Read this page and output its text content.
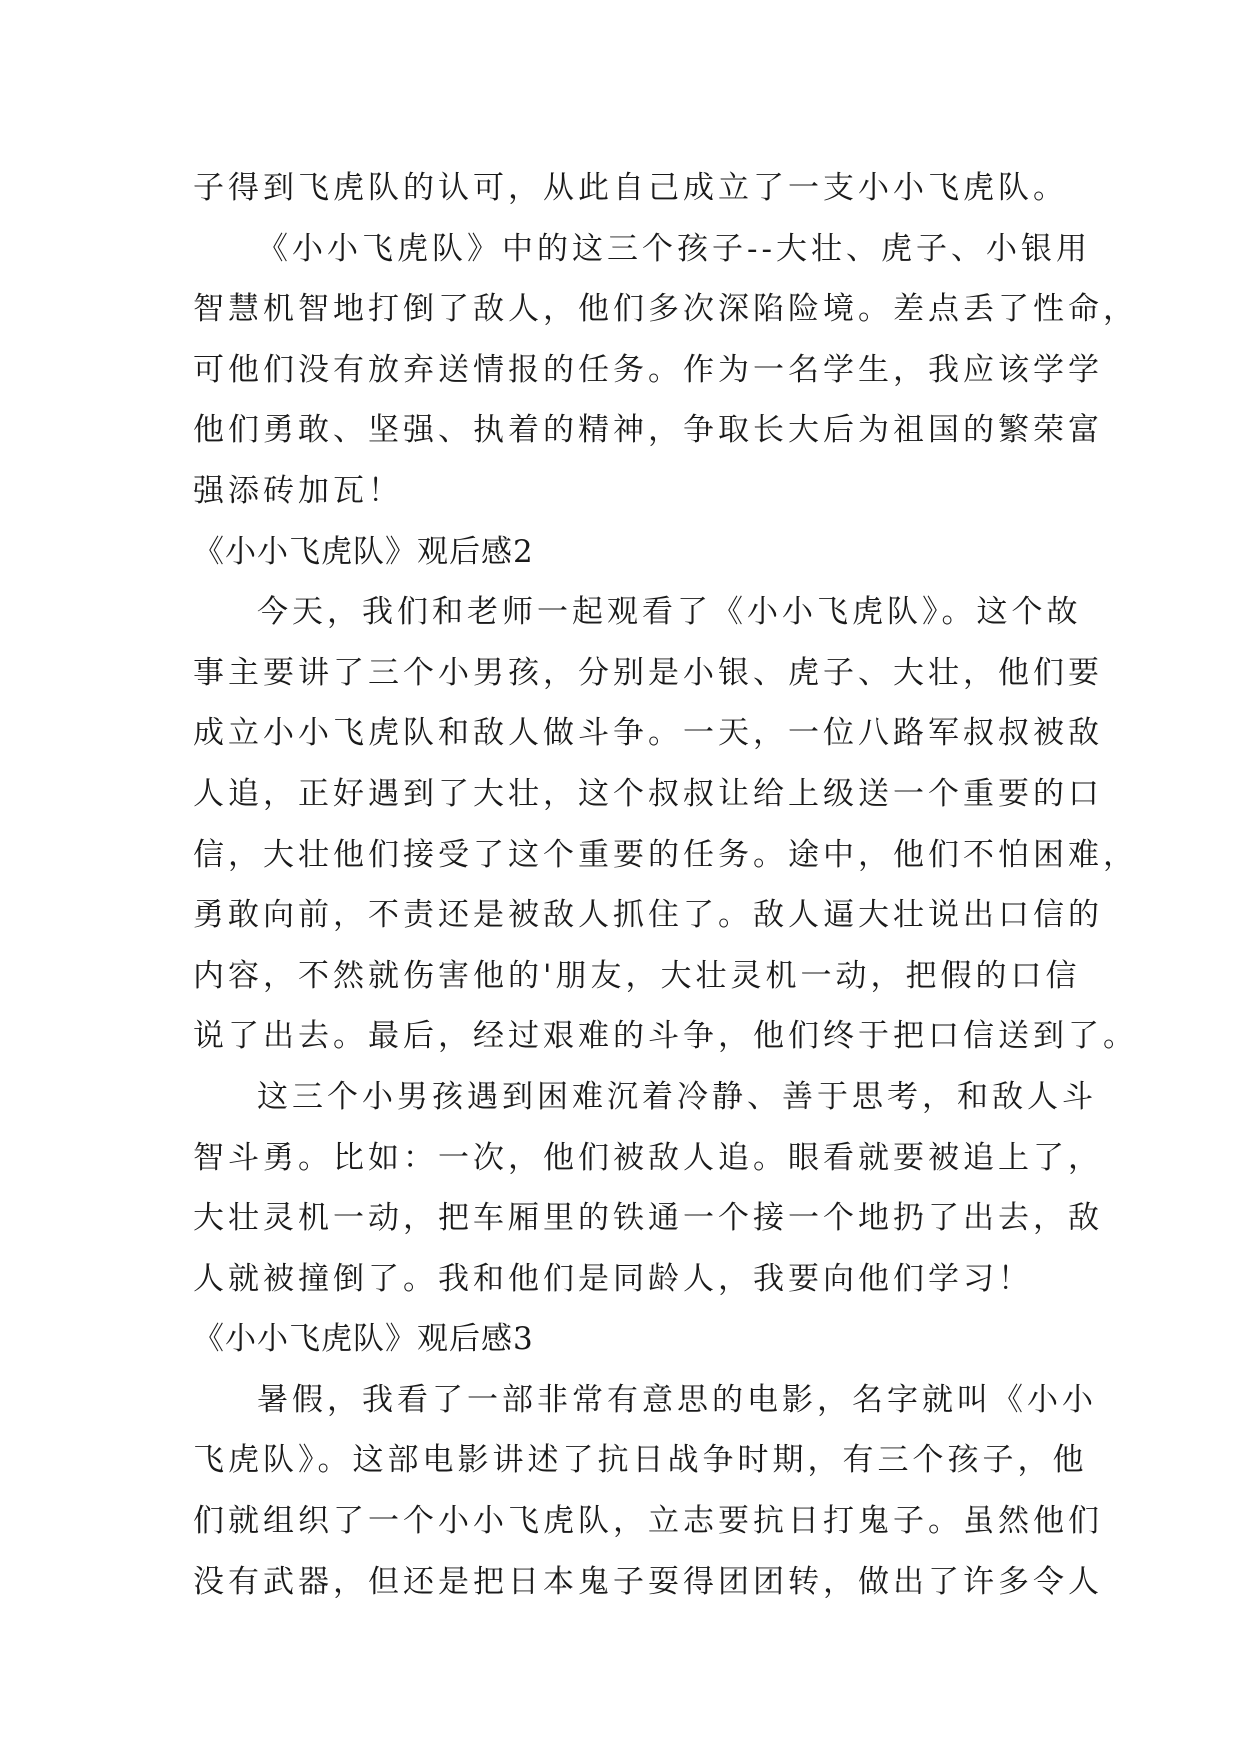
子得到飞虎队的认可，从此自己成立了一支小小飞虎队。
《小小飞虎队》中的这三个孩子--大壮、虎子、小银用
智慧机智地打倒了敌人，他们多次深陷险境。差点丢了性命，
可他们没有放弃送情报的任务。作为一名学生，我应该学学
他们勇敢、坚强、执着的精神，争取长大后为祖国的繁荣富
强添砖加瓦！
《小小飞虎队》观后感2
今天，我们和老师一起观看了《小小飞虎队》。这个故
事主要讲了三个小男孩，分别是小银、虎子、大壮，他们要
成立小小飞虎队和敌人做斗争。一天，一位八路军叔叔被敌
人追，正好遇到了大壮，这个叔叔让给上级送一个重要的口
信，大壮他们接受了这个重要的任务。途中，他们不怕困难，
勇敢向前，不责还是被敌人抓住了。敌人逼大壮说出口信的
内容，不然就伤害他的'朋友，大壮灵机一动，把假的口信
说了出去。最后，经过艰难的斗争，他们终于把口信送到了。
这三个小男孩遇到困难沉着冷静、善于思考，和敌人斗
智斗勇。比如：一次，他们被敌人追。眼看就要被追上了，
大壮灵机一动，把车厢里的铁通一个接一个地扔了出去，敌
人就被撞倒了。我和他们是同龄人，我要向他们学习！
《小小飞虎队》观后感3
暑假，我看了一部非常有意思的电影，名字就叫《小小
飞虎队》。这部电影讲述了抗日战争时期，有三个孩子，他
们就组织了一个小小飞虎队，立志要抗日打鬼子。虽然他们
没有武器，但还是把日本鬼子耍得团团转，做出了许多令人
